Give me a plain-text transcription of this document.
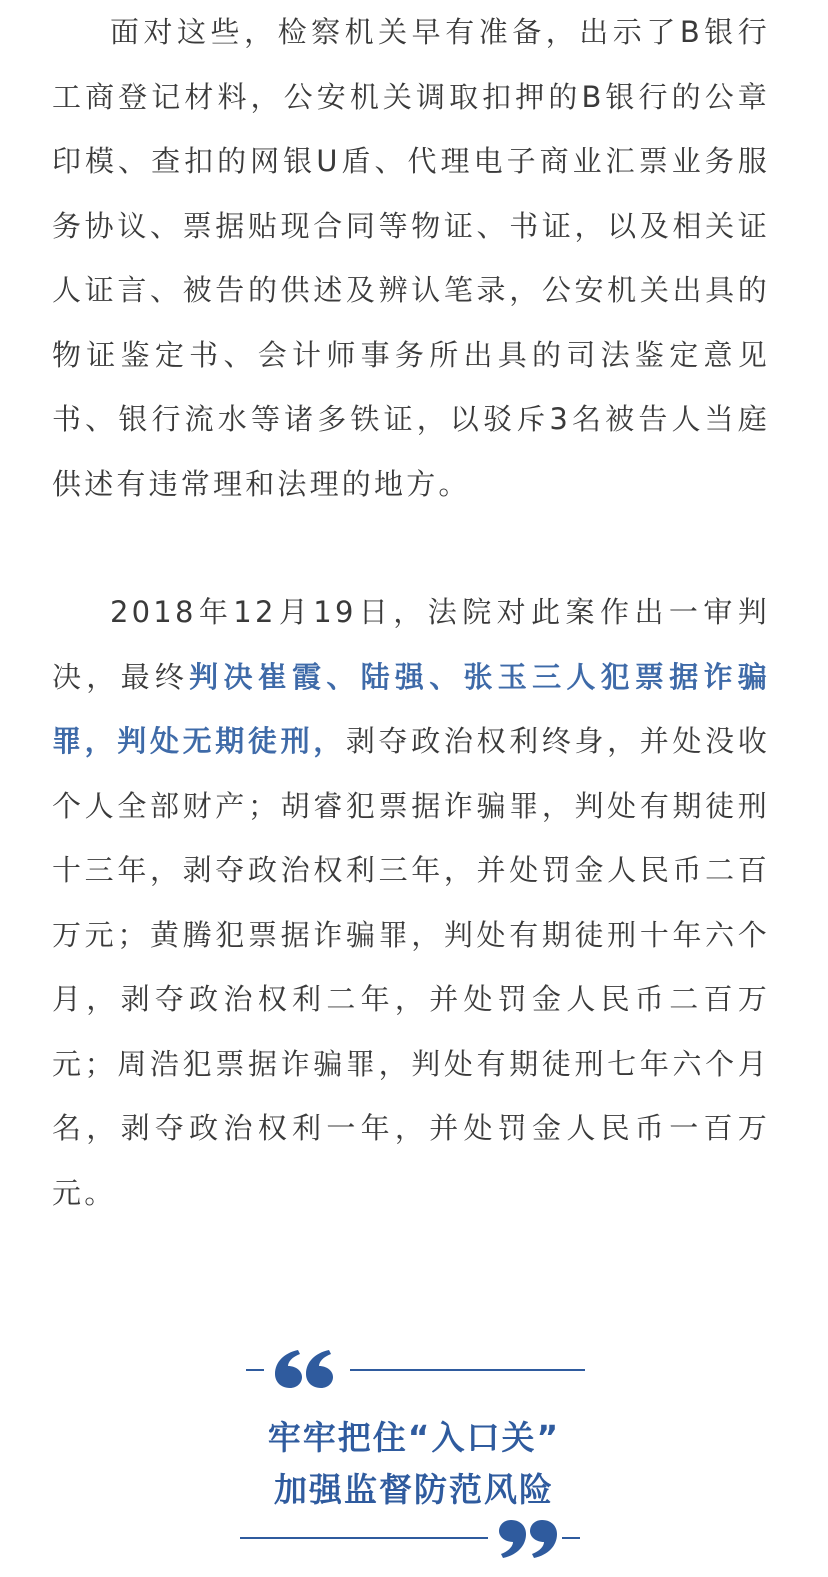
面对这些，检察机关早有准备，出示了B银行工商登记材料，公安机关调取扣押的B银行的公章印模、查扣的网银U盾、代理电子商业汇票业务服务协议、票据贴现合同等物证、书证，以及相关证人证言、被告的供述及辨认笔录，公安机关出具的物证鉴定书、会计师事务所出具的司法鉴定意见书、银行流水等诸多铁证，以驳斥3名被告人当庭供述有违常理和法理的地方。

2018年12月19日，法院对此案作出一审判决，最终判决崔霞、陆强、张玉三人犯票据诈骗罪，判处无期徒刑，剥夺政治权利终身，并处没收个人全部财产；胡睿犯票据诈骗罪，判处有期徒刑十三年，剥夺政治权利三年，并处罚金人民币二百万元；黄腾犯票据诈骗罪，判处有期徒刑十年六个月，剥夺政治权利二年，并处罚金人民币二百万元；周浩犯票据诈骗罪，判处有期徒刑七年六个月名，剥夺政治权利一年，并处罚金人民币一百万元。

牢牢把住“入口关”
加强监督防范风险
